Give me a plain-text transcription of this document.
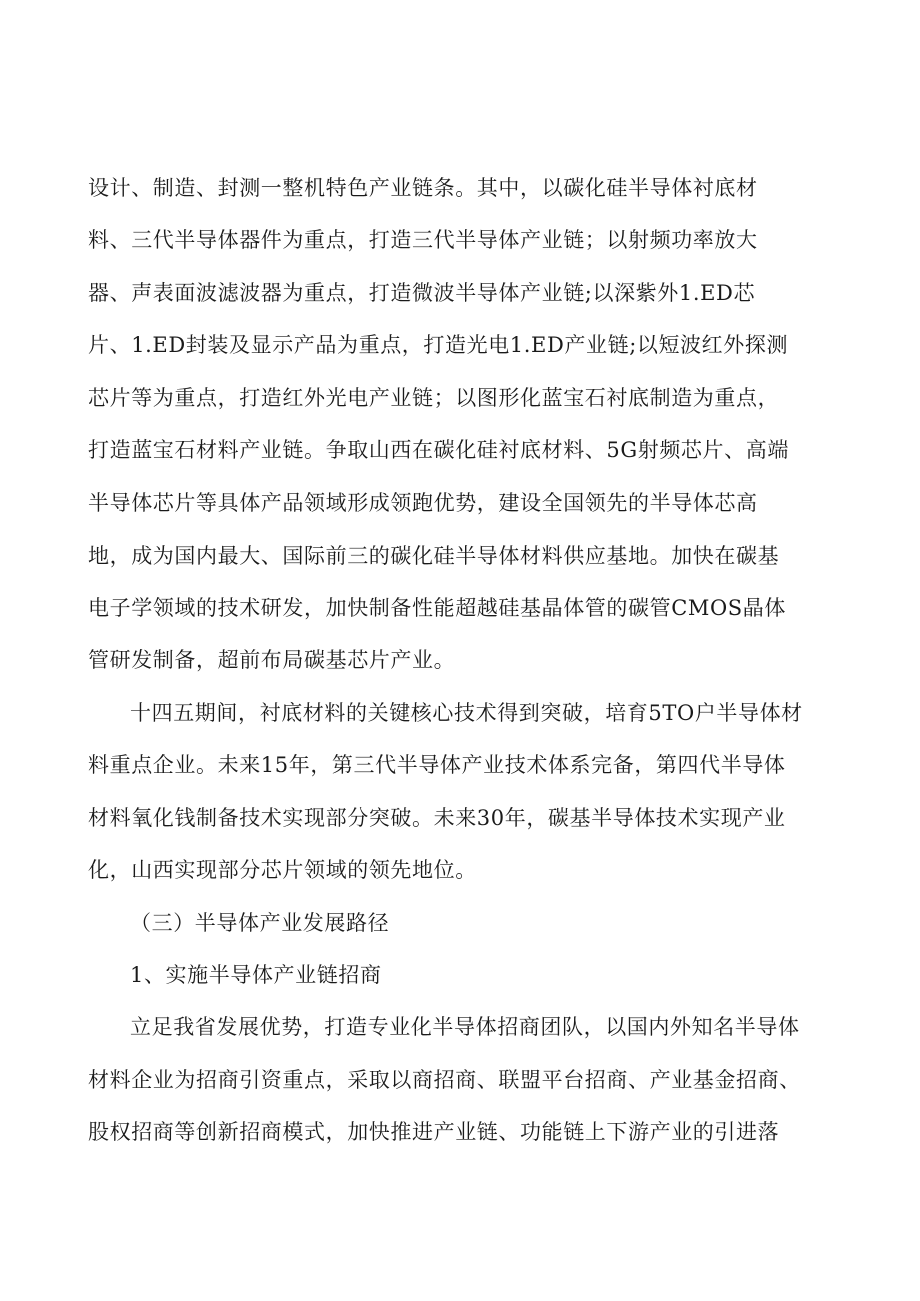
设计、制造、封测一整机特色产业链条。其中，以碳化硅半导体衬底材
料、三代半导体器件为重点，打造三代半导体产业链；以射频功率放大
器、声表面波滤波器为重点，打造微波半导体产业链;以深紫外1.ED芯
片、1.ED封装及显示产品为重点，打造光电1.ED产业链;以短波红外探测
芯片等为重点，打造红外光电产业链；以图形化蓝宝石衬底制造为重点，
打造蓝宝石材料产业链。争取山西在碳化硅衬底材料、5G射频芯片、高端
半导体芯片等具体产品领域形成领跑优势，建设全国领先的半导体芯高
地，成为国内最大、国际前三的碳化硅半导体材料供应基地。加快在碳基
电子学领域的技术研发，加快制备性能超越硅基晶体管的碳管CMOS晶体
管研发制备，超前布局碳基芯片产业。
十四五期间，衬底材料的关键核心技术得到突破，培育5TO户半导体材
料重点企业。未来15年，第三代半导体产业技术体系完备，第四代半导体
材料氧化钱制备技术实现部分突破。未来30年，碳基半导体技术实现产业
化，山西实现部分芯片领域的领先地位。
（三）半导体产业发展路径
1、实施半导体产业链招商
立足我省发展优势，打造专业化半导体招商团队，以国内外知名半导体
材料企业为招商引资重点，采取以商招商、联盟平台招商、产业基金招商、
股权招商等创新招商模式，加快推进产业链、功能链上下游产业的引进落
